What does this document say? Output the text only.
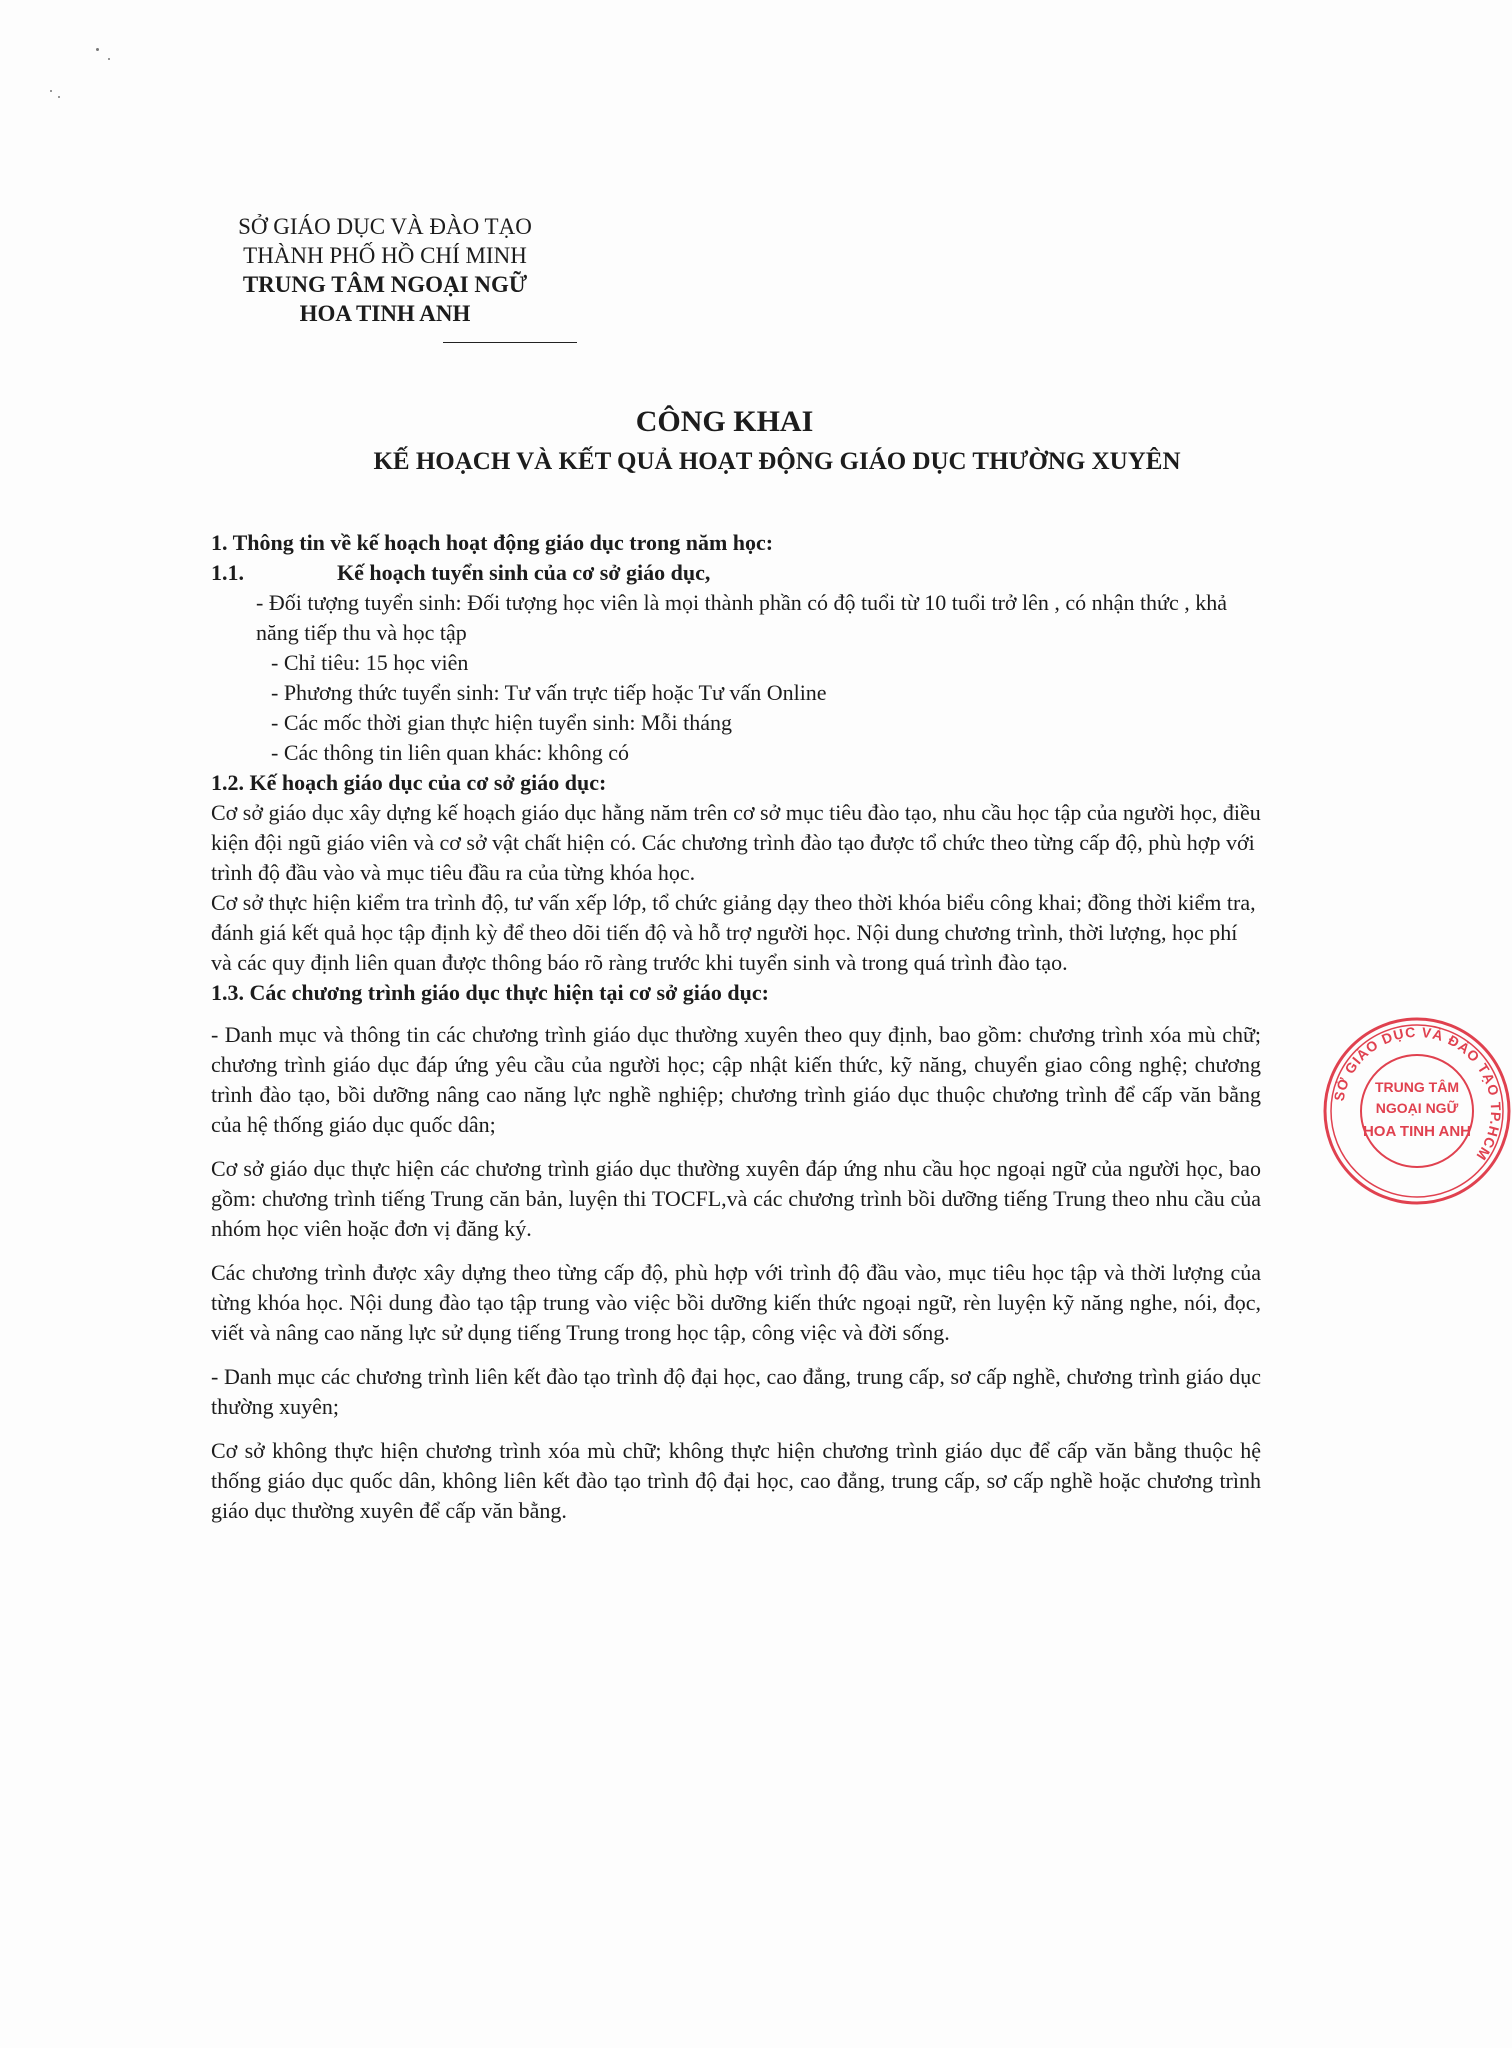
SỞ GIÁO DỤC VÀ ĐÀO TẠO
THÀNH PHỐ HỒ CHÍ MINH
TRUNG TÂM NGOẠI NGỮ
HOA TINH ANH
CÔNG KHAI
KẾ HOẠCH VÀ KẾT QUẢ HOẠT ĐỘNG GIÁO DỤC THƯỜNG XUYÊN

1. Thông tin về kế hoạch hoạt động giáo dục trong năm học:

1.1.	Kế hoạch tuyển sinh của cơ sở giáo dục,

- Đối tượng tuyển sinh: Đối tượng học viên là mọi thành phần có độ tuổi từ 10 tuổi trở lên , có nhận thức , khả năng tiếp thu và học tập

- Chỉ tiêu: 15 học viên

- Phương thức tuyển sinh: Tư vấn trực tiếp hoặc Tư vấn Online

- Các mốc thời gian thực hiện tuyển sinh: Mỗi tháng

- Các thông tin liên quan khác: không có

1.2. Kế hoạch giáo dục của cơ sở giáo dục:

Cơ sở giáo dục xây dựng kế hoạch giáo dục hằng năm trên cơ sở mục tiêu đào tạo, nhu cầu học tập của người học, điều kiện đội ngũ giáo viên và cơ sở vật chất hiện có. Các chương trình đào tạo được tổ chức theo từng cấp độ, phù hợp với trình độ đầu vào và mục tiêu đầu ra của từng khóa học.

Cơ sở thực hiện kiểm tra trình độ, tư vấn xếp lớp, tổ chức giảng dạy theo thời khóa biểu công khai; đồng thời kiểm tra, đánh giá kết quả học tập định kỳ để theo dõi tiến độ và hỗ trợ người học. Nội dung chương trình, thời lượng, học phí và các quy định liên quan được thông báo rõ ràng trước khi tuyển sinh và trong quá trình đào tạo.

1.3. Các chương trình giáo dục thực hiện tại cơ sở giáo dục:

- Danh mục và thông tin các chương trình giáo dục thường xuyên theo quy định, bao gồm: chương trình xóa mù chữ; chương trình giáo dục đáp ứng yêu cầu của người học; cập nhật kiến thức, kỹ năng, chuyển giao công nghệ; chương trình đào tạo, bồi dưỡng nâng cao năng lực nghề nghiệp; chương trình giáo dục thuộc chương trình để cấp văn bằng của hệ thống giáo dục quốc dân;

Cơ sở giáo dục thực hiện các chương trình giáo dục thường xuyên đáp ứng nhu cầu học ngoại ngữ của người học, bao gồm: chương trình tiếng Trung căn bản, luyện thi TOCFL,và các chương trình bồi dưỡng tiếng Trung theo nhu cầu của nhóm học viên hoặc đơn vị đăng ký.

Các chương trình được xây dựng theo từng cấp độ, phù hợp với trình độ đầu vào, mục tiêu học tập và thời lượng của từng khóa học. Nội dung đào tạo tập trung vào việc bồi dưỡng kiến thức ngoại ngữ, rèn luyện kỹ năng nghe, nói, đọc, viết và nâng cao năng lực sử dụng tiếng Trung trong học tập, công việc và đời sống.

- Danh mục các chương trình liên kết đào tạo trình độ đại học, cao đẳng, trung cấp, sơ cấp nghề, chương trình giáo dục thường xuyên;

Cơ sở không thực hiện chương trình xóa mù chữ; không thực hiện chương trình giáo dục để cấp văn bằng thuộc hệ thống giáo dục quốc dân, không liên kết đào tạo trình độ đại học, cao đẳng, trung cấp, sơ cấp nghề hoặc chương trình giáo dục thường xuyên để cấp văn bằng.

SỞ GIÁO DỤC VÀ ĐÀO TẠO TP.HCM
TRUNG TÂM
NGOẠI NGỮ
HOA TINH ANH
